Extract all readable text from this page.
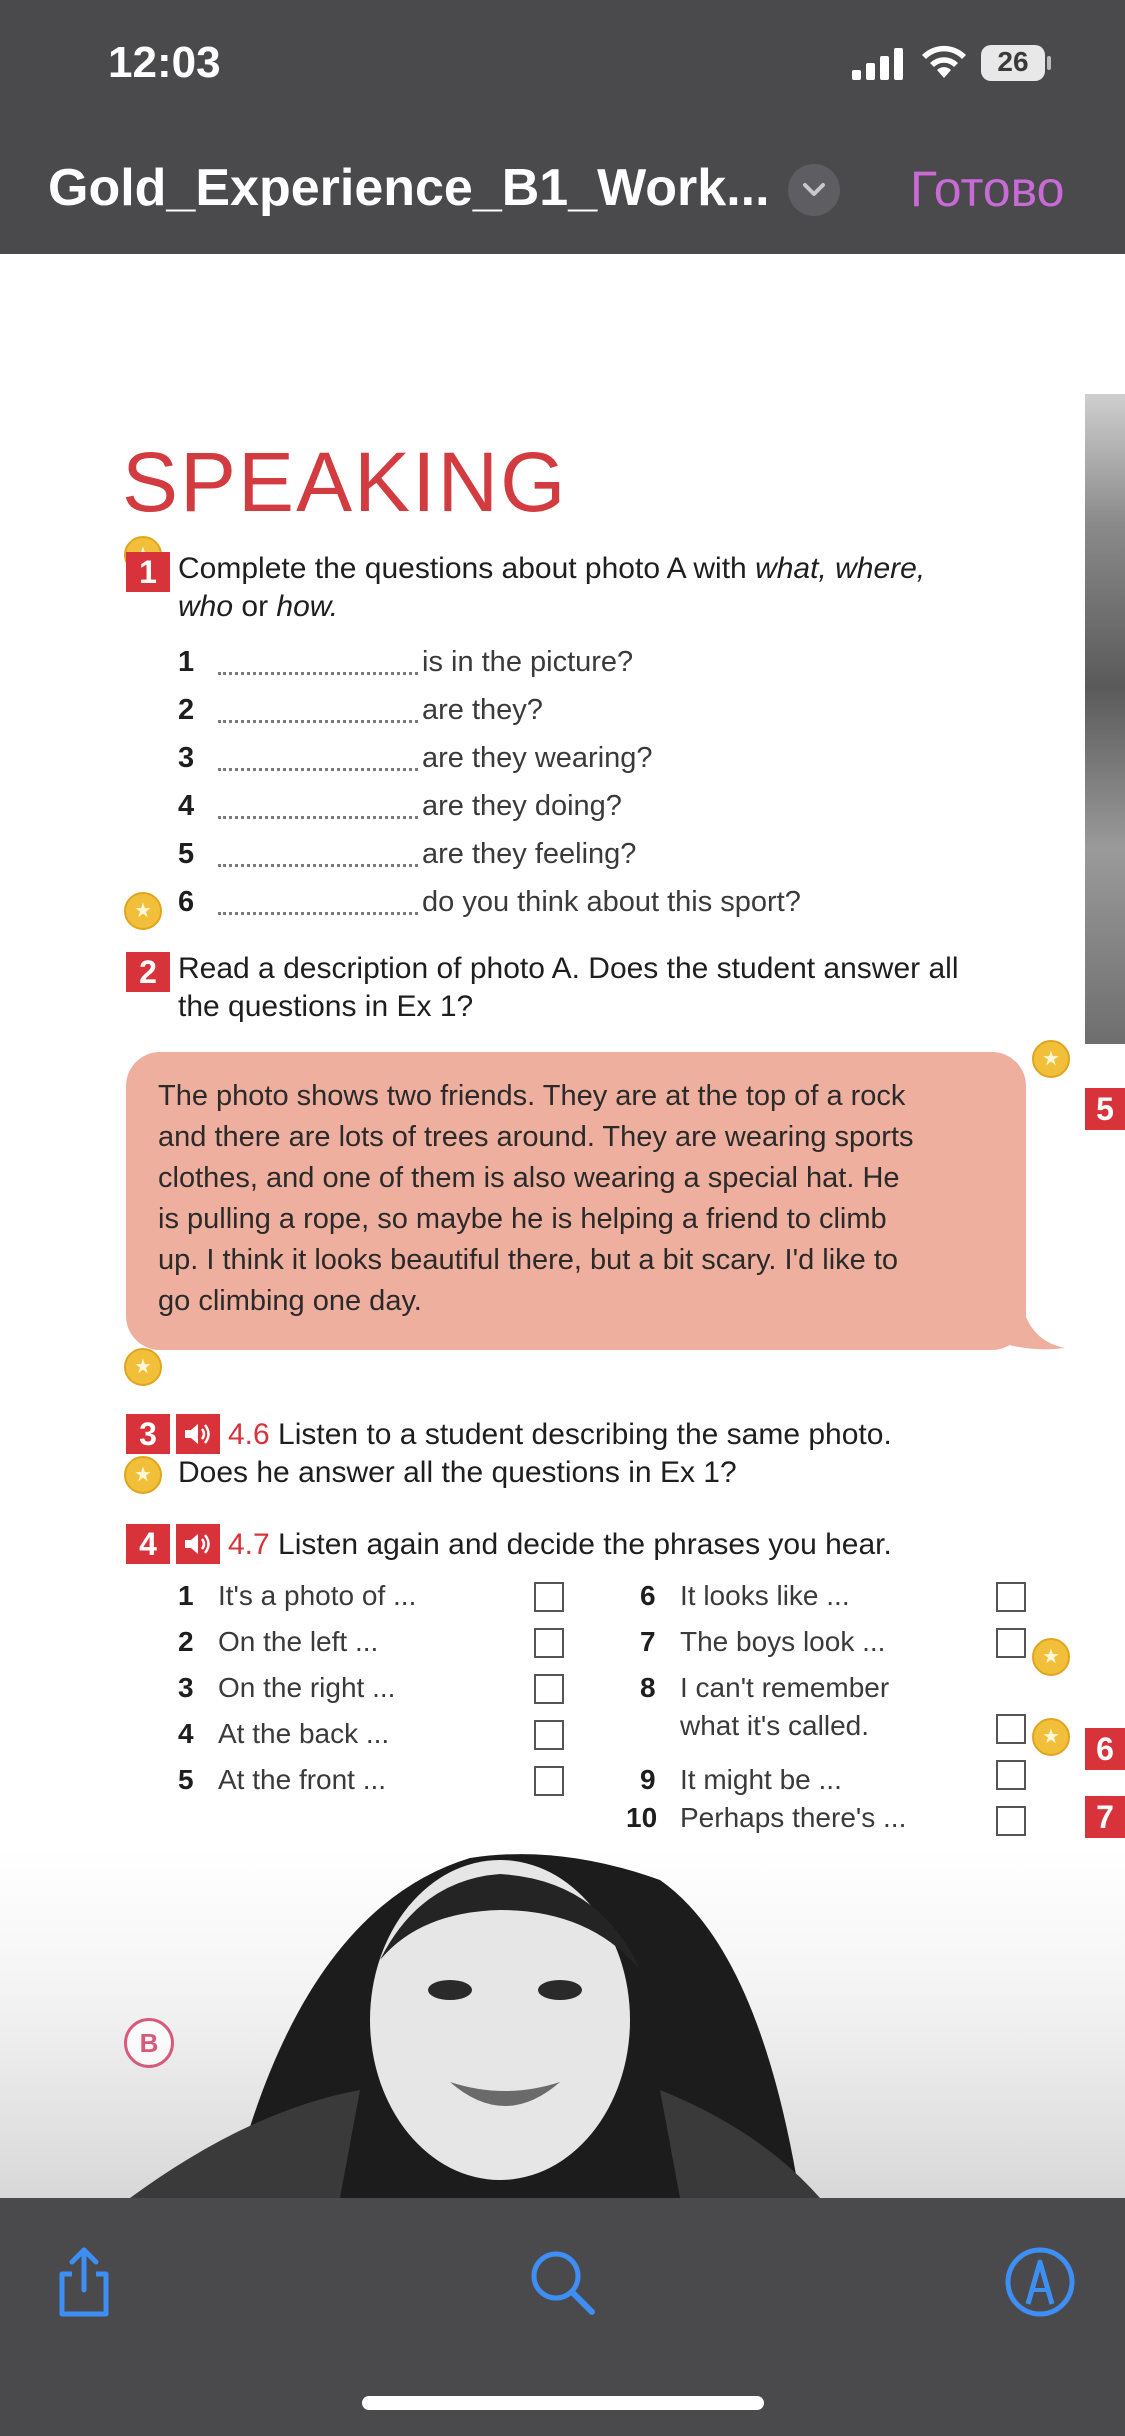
12:03	26
Gold_Experience_B1_Work...	Готово
5
6
7
SPEAKING
★
1 Complete the questions about photo A with what, where,
who or how.
1	is in the picture?
2	are they?
3	are they wearing?
4	are they doing?
5	are they feeling?
6	do you think about this sport?
★
2 Read a description of photo A. Does the student answer all
the questions in Ex 1?
★
The photo shows two friends. They are at the top of a rock
and there are lots of trees around. They are wearing sports
clothes, and one of them is also wearing a special hat. He
is pulling a rope, so maybe he is helping a friend to climb
up. I think it looks beautiful there, but a bit scary. I'd like to
go climbing one day.
★
3	4.6 Listen to a student describing the same photo.
Does he answer all the questions in Ex 1?
★
4	4.7 Listen again and decide the phrases you hear.
1 It's a photo of ...
2 On the left ...
3 On the right ...
4 At the back ...
5 At the front ...
6 It looks like ...
7 The boys look ...
8 I can't remember
what it's called.
9 It might be ...
10 Perhaps there's ...
★
★
B
